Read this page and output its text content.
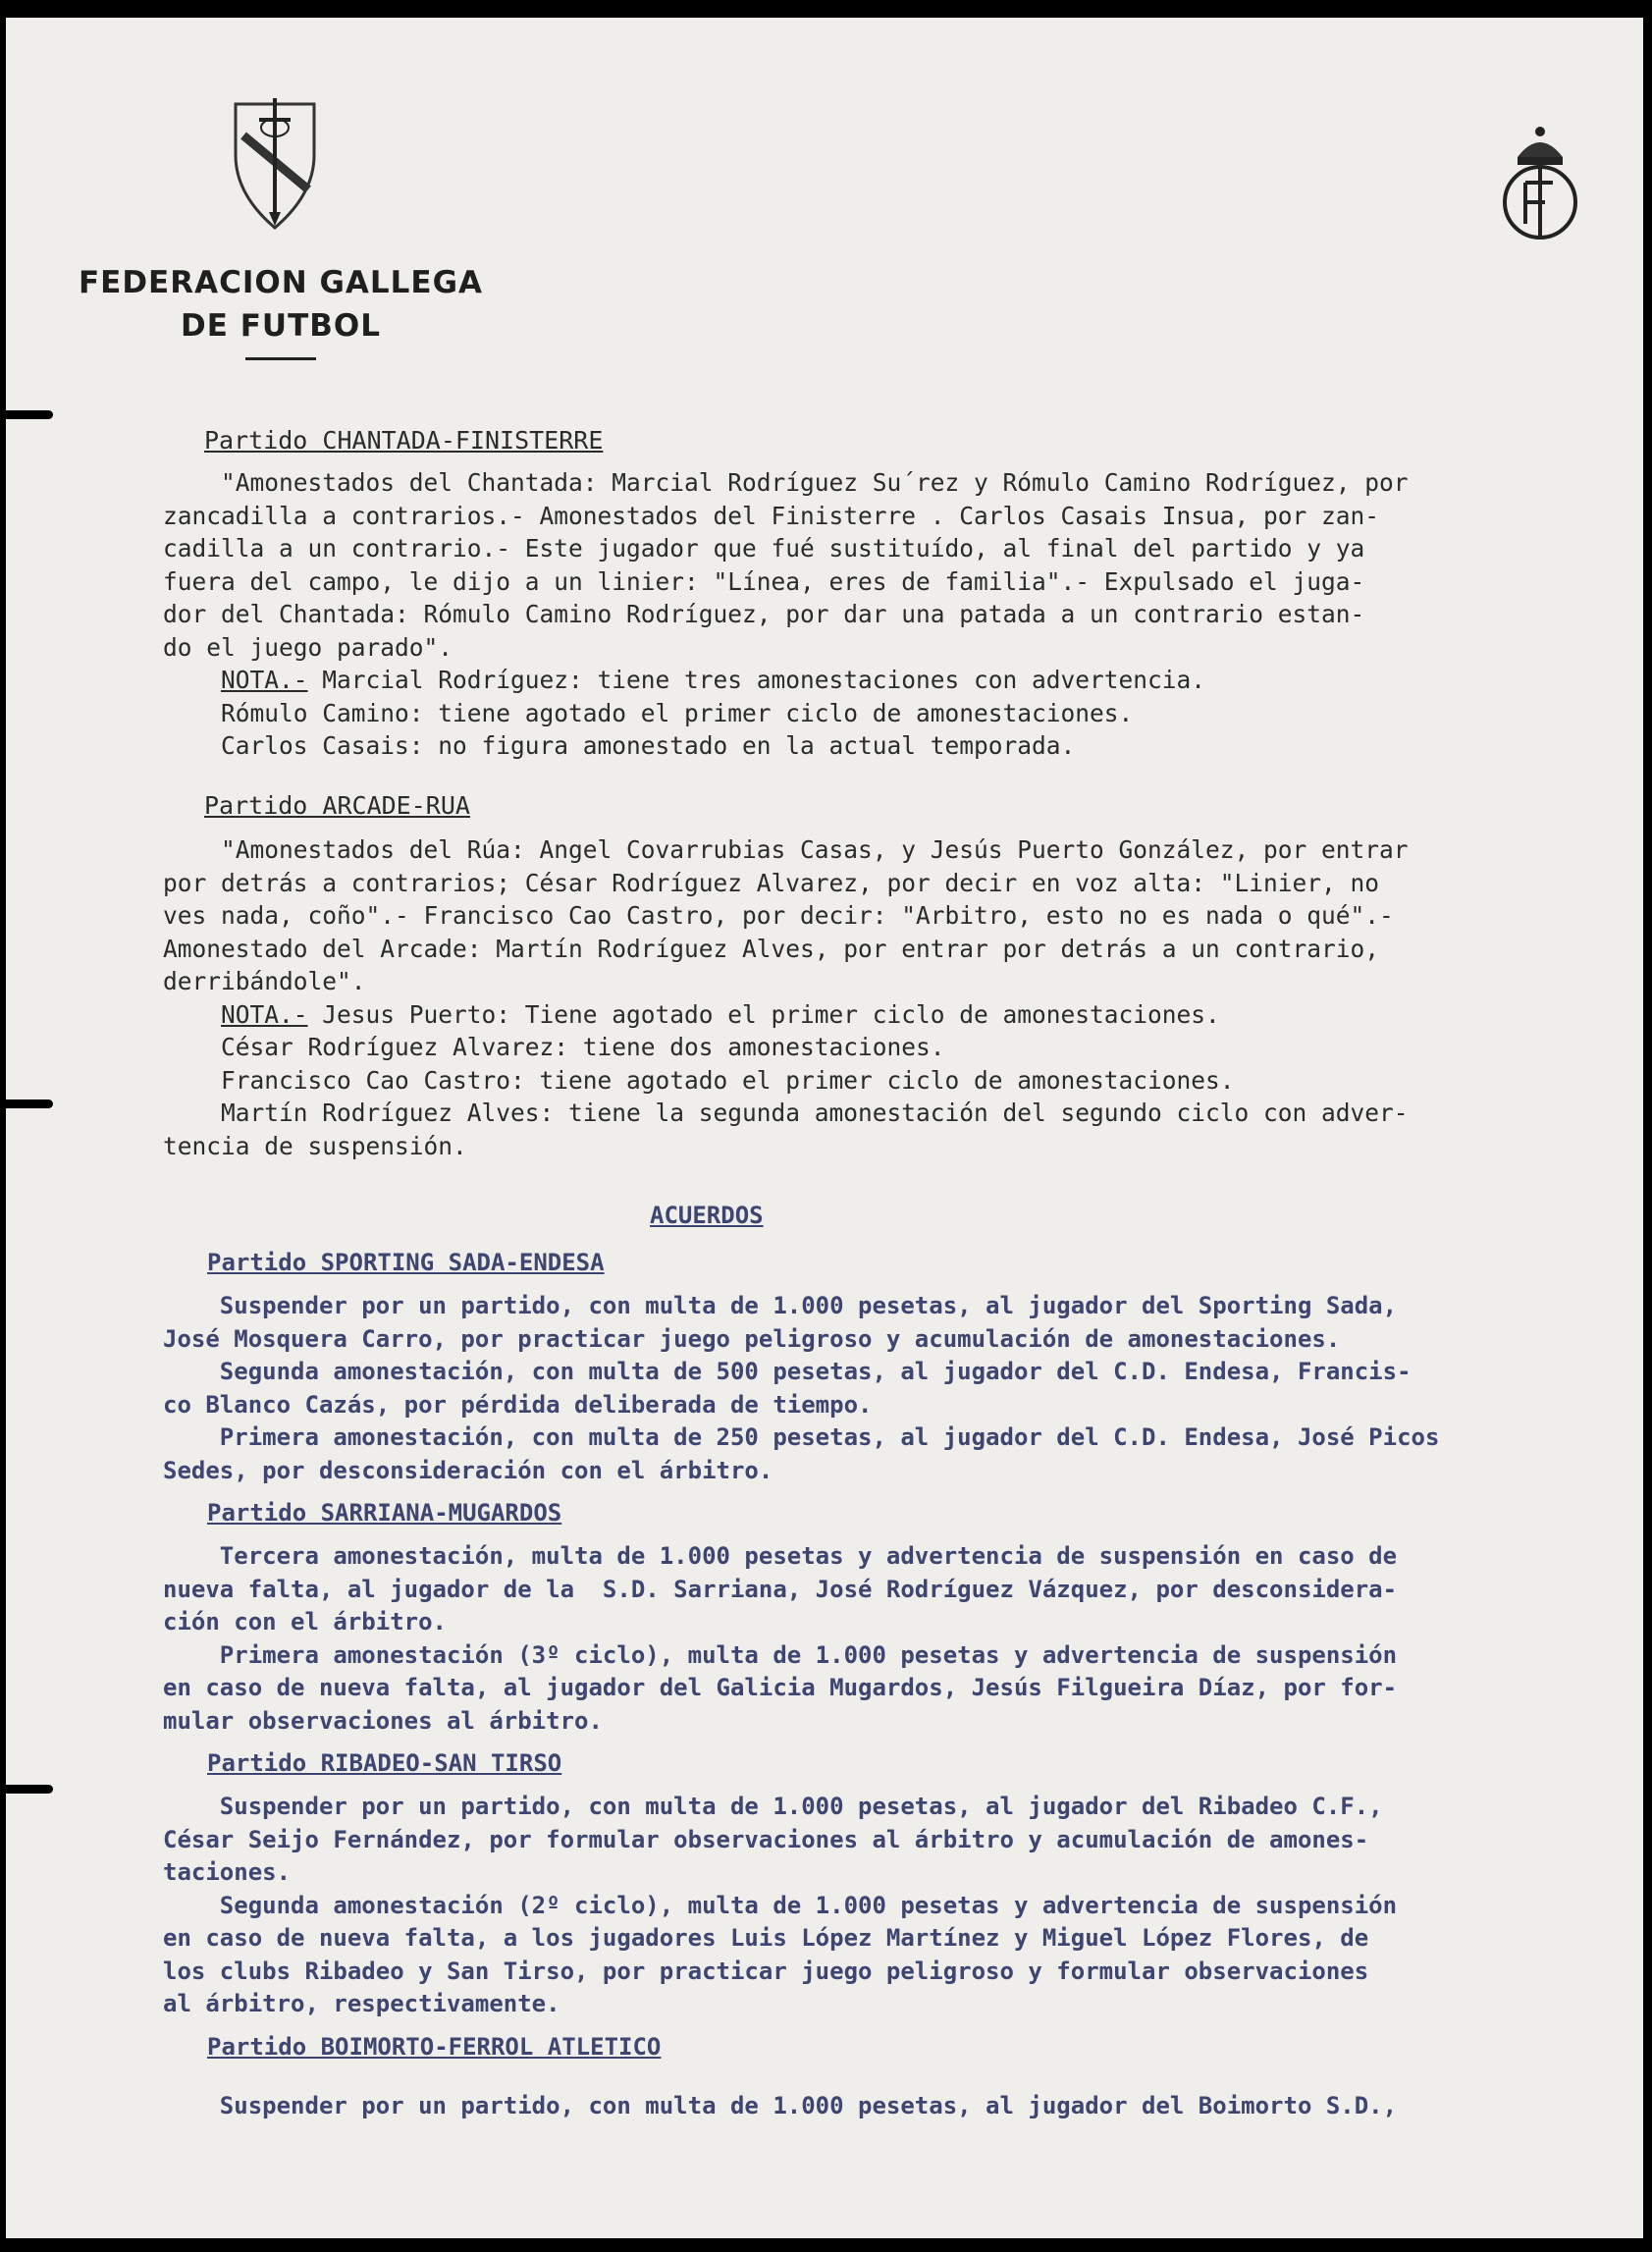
FEDERACION GALLEGA
DE FUTBOL

Partido CHANTADA-FINISTERRE

"Amonestados del Chantada: Marcial Rodríguez Su´rez y Rómulo Camino Rodríguez, por

zancadilla a contrarios.- Amonestados del Finisterre . Carlos Casais Insua, por zan-

cadilla a un contrario.- Este jugador que fué sustituído, al final del partido y ya

fuera del campo, le dijo a un linier: "Línea, eres de familia".- Expulsado el juga-

dor del Chantada: Rómulo Camino Rodríguez, por dar una patada a un contrario estan-

do el juego parado".

NOTA.- Marcial Rodríguez: tiene tres amonestaciones con advertencia.

Rómulo Camino: tiene agotado el primer ciclo de amonestaciones.

Carlos Casais: no figura amonestado en la actual temporada.

Partido ARCADE-RUA

"Amonestados del Rúa: Angel Covarrubias Casas, y Jesús Puerto González, por entrar

por detrás a contrarios; César Rodríguez Alvarez, por decir en voz alta: "Linier, no

ves nada, coño".- Francisco Cao Castro, por decir: "Arbitro, esto no es nada o qué".-

Amonestado del Arcade: Martín Rodríguez Alves, por entrar por detrás a un contrario,

derribándole".

NOTA.- Jesus Puerto: Tiene agotado el primer ciclo de amonestaciones.

César Rodríguez Alvarez: tiene dos amonestaciones.

Francisco Cao Castro: tiene agotado el primer ciclo de amonestaciones.

Martín Rodríguez Alves: tiene la segunda amonestación del segundo ciclo con adver-

tencia de suspensión.

ACUERDOS

Partido SPORTING SADA-ENDESA

Suspender por un partido, con multa de 1.000 pesetas, al jugador del Sporting Sada,

José Mosquera Carro, por practicar juego peligroso y acumulación de amonestaciones.

Segunda amonestación, con multa de 500 pesetas, al jugador del C.D. Endesa, Francis-

co Blanco Cazás, por pérdida deliberada de tiempo.

Primera amonestación, con multa de 250 pesetas, al jugador del C.D. Endesa, José Picos

Sedes, por desconsideración con el árbitro.

Partido SARRIANA-MUGARDOS

Tercera amonestación, multa de 1.000 pesetas y advertencia de suspensión en caso de

nueva falta, al jugador de la  S.D. Sarriana, José Rodríguez Vázquez, por desconsidera-

ción con el árbitro.

Primera amonestación (3º ciclo), multa de 1.000 pesetas y advertencia de suspensión

en caso de nueva falta, al jugador del Galicia Mugardos, Jesús Filgueira Díaz, por for-

mular observaciones al árbitro.

Partido RIBADEO-SAN TIRSO

Suspender por un partido, con multa de 1.000 pesetas, al jugador del Ribadeo C.F.,

César Seijo Fernández, por formular observaciones al árbitro y acumulación de amones-

taciones.

Segunda amonestación (2º ciclo), multa de 1.000 pesetas y advertencia de suspensión

en caso de nueva falta, a los jugadores Luis López Martínez y Miguel López Flores, de

los clubs Ribadeo y San Tirso, por practicar juego peligroso y formular observaciones

al árbitro, respectivamente.

Partido BOIMORTO-FERROL ATLETICO

Suspender por un partido, con multa de 1.000 pesetas, al jugador del Boimorto S.D.,
